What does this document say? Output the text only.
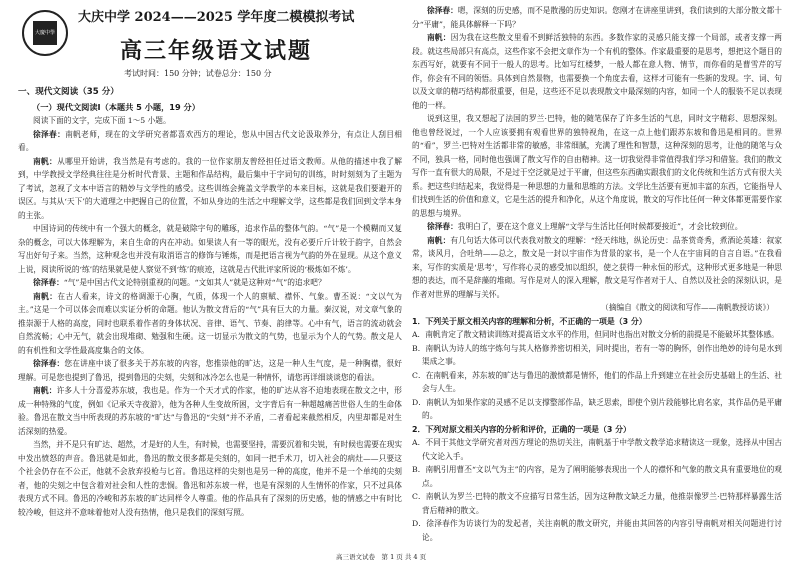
大慶中學
大庆中学 2024——2025 学年度二模模拟考试
高三年级语文试题
考试时间：150 分钟；试卷总分：150 分

一、现代文阅读（35 分）

（一）现代文阅读Ⅰ（本题共 5 小题，19 分）

阅读下面的文字，完成下面 1～5 小题。

徐泽春：南帆老师，现在的文学研究者都喜欢西方的理论，您从中国古代文论汲取养分，有点让人刮目相看。

南帆：从哪里开始讲，我当然是有考虑的。我的一位作家朋友曾经担任过语文教师。从他的描述中我了解到，中学教授文学经典往往是分析时代背景、主题和作品结构，最后集中于字词句的训练，时时刻刻为了主题为了考试，忽视了文本中语言的精妙与文学性的感受。这些训练会掩盖文学教学的本来目标，这就是我们要避开的误区。与其从‘天下’的大道理之中把握自己的位置，不如从身边的生活之中理解文学，这些都是我们回到文学本身的主张。

中国诗词的传统中有一个强大的概念，就是破除字句的雕琢，追求作品的整体气韵。“气”是一个模糊而又复杂的概念，可以大体理解为，来自生命的内在冲动。如果读人有一等的眼光，没有必要斤斤计较于韵字，自然会写出好句子来。当然，这种观念也并没有取消语言的修饰与锤炼，而是把语言视为气韵的外在显现。从这个意义上说，阅读所说的‘练’的结果就是使人察觉不到‘练’的痕迹，这就是古代批评家所说的‘极炼如不炼’。

徐泽春：“气”是中国古代文论特别重视的问题。“文如其人”就是这种对“气”的追求吧？

南帆：在古人看来，诗文的格调源于心胸，气质，体现一个人的禀赋、襟怀、气象。曹丕说：“文以气为主。”这是一个可以体会而难以实证分析的命题。他认为散文背后的“气”具有巨大的力量。秦汉说，对文章气象的推崇源于人格的高度，同时也联系着作者的身体状况、音律、语气、节奏、韵律等。心中有气，语言的流动就会自然流畅；心中无气，就会出现堆砌、勉强和生硬。这一切显示为散文的气势，也显示为个人的气势。散文是人的有机性和文学性最高度集合的文体。

徐泽春：您在讲座中谈了很多关于苏东坡的内容，您推崇他的旷达，这是一种人生气度，是一种胸襟，很好理解。可是您也提到了鲁迅，提到鲁迅的尖刻，尖刻和冰冷怎么也是一种情怀，请您再详细谈谈您的看法。

南帆：许多人十分喜爱苏东坡，我也是。作为一个天才式的作家，他的旷达从容不迫地表现在散文之中，形成一种特殊的气度，例如《记承天寺夜游》，他为各种人生变故所困，文字背后有一种超越痛苦世俗人生的生命体验。鲁迅在散文当中所表现的苏东坡的“旷达”与鲁迅的“尖刻”并不矛盾，二者看起来截然相反，内里却都是对生活深刻的热爱。

当然，并不是只有旷达、超然，才是好的人生，有时候，也需要坚持，需要沉着和尖锐，有时候也需要在现实中发出愤怒的声音。鲁迅就是如此，鲁迅的散文很多都是尖刻的，如同一把手术刀，切入社会的病灶——只要这个社会仍存在不公正，他就不会放弃投枪与匕首。鲁迅这样的尖刻也是另一种的高度，他并不是一个单纯的尖刻者，他的尖刻之中包含着对社会和人性的悲悯。鲁迅和苏东坡一样，也是有深刻的人生情怀的作家，只不过具体表现方式不同。鲁迅的冷峻和苏东坡的旷达同样令人尊重。他的作品具有了深刻的历史感，他的情感之中有时比较冷峻，但这并不意味着他对人没有热情，他只是我们的深刻写照。

徐泽春：嗯，深刻的历史感，而不是散漫的历史知识。您刚才在讲座里讲到，我们读到的大部分散文都十分“平庸”，能具体解释一下吗？

南帆：因为我在这些散文里看不到鲜活独特的东西。多数作家的灵感只能支撑一个局部，或者支撑一两段。就这些局部只有高点，这些作家不会把文章作为一个有机的整体。作家最重要的是思考，想把这个题目的东西写好，就要有不同于一般人的思考。比如写红楼梦，一般人都在意人物、情节，而你看的是曹雪芹的写作，你会有不同的领悟。具体到自然景物，也需要换一个角度去看，这样才可能有一些新的发现。字、词、句以及文章的精巧结构都很重要，但是，这些还不足以表现散文中最深刻的内容，如同一个人的服装不足以表现他的一样。

说到这里，我又想起了法国的罗兰·巴特，他的随笔保存了许多生活的气息，同时文字精彩、思想深刻。他也曾经说过，一个人应该要拥有观看世界的独特视角，在这一点上他们跟苏东坡和鲁迅是相同的。世界的“看”，罗兰·巴特对生活都非常的敏感，非常细腻，充满了理性和智慧，这种深刻的思考，让他的随笔与众不同，独具一格，同时他也强调了散文写作的自由精神。这一切我觉得非常值得我们学习和借鉴。我们的散文写作一直有很大的局限，不是过于空泛就是过于平庸，但这些东西确实跟我们的文化传统和生活方式有很大关系。把这些归结起来，我觉得是一种思想的力量和思维的方法。文学比生活要有更加丰富的东西，它能指导人们找到生活的价值和意义，它是生活的提升和净化，从这个角度说，散文的写作比任何一种文体都更需要作家的思想与境界。

徐泽春：我明白了，要在这个意义上理解“文学与生活比任何时候都要接近”，才会比较到位。

南帆：有几句话大体可以代表我对散文的理解：“经天纬地，纵论历史：品茶赏奇秀，煮酒论英雄：叙家常，谈风月，合吐纳——总之，散文是一封以宇宙作为背景的家书，是一个人在宇宙间的自言自语。”在我看来，写作的实质是‘思考’，写作将心灵的感受加以组织，使之获得一种永恒的形式，这种形式更多地是一种思想的表达，而不是辞藻的堆砌。写作是对人的深入理解，散文是写作者对于人、自然以及社会的深刻认识，是作者对世界的理解与关怀。

（摘编自《散文的阅读和写作——南帆教授访谈》）

1．下列关于原文相关内容的理解和分析，不正确的一项是（3 分）

A．南帆肯定了散文精读训练对提高语文水平的作用，但同时也指出对散文分析的前提是不能破坏其整体感。

B．南帆认为诗人的练字炼句与其人格修养密切相关，同时提出，若有一等的胸怀，创作出绝妙的诗句是水到渠成之事。

C．在南帆看来，苏东坡的旷达与鲁迅的激愤都是情怀，他们的作品上升到建立在社会历史基础上的生活、社会与人生。

D．南帆认为如果作家的灵感不足以支撑整部作品，缺乏思索，即使个别片段能够比肩名家，其作品仍是平庸的。

2．下列对原文相关内容的分析和评价，正确的一项是（3 分）

A．不同于其他文学研究者对西方理论的热切关注，南帆基于中学散文教学追求精读这一现象，选择从中国古代文论入手。

B．南帆引用曹丕“文以气为主”的内容，是为了阐明能够表现出一个人的襟怀和气象的散文具有重要地位的观点。

C．南帆认为罗兰·巴特的散文不应描写日常生活，因为这种散文缺乏力量，他推崇像罗兰·巴特那样暴露生活背后精神的散文。

D．徐泽春作为访谈行为的发起者，关注南帆的散文研究，并能由其回答的内容引导南帆对相关问题进行讨论。

高三语文试卷　第 1 页 共 4 页
